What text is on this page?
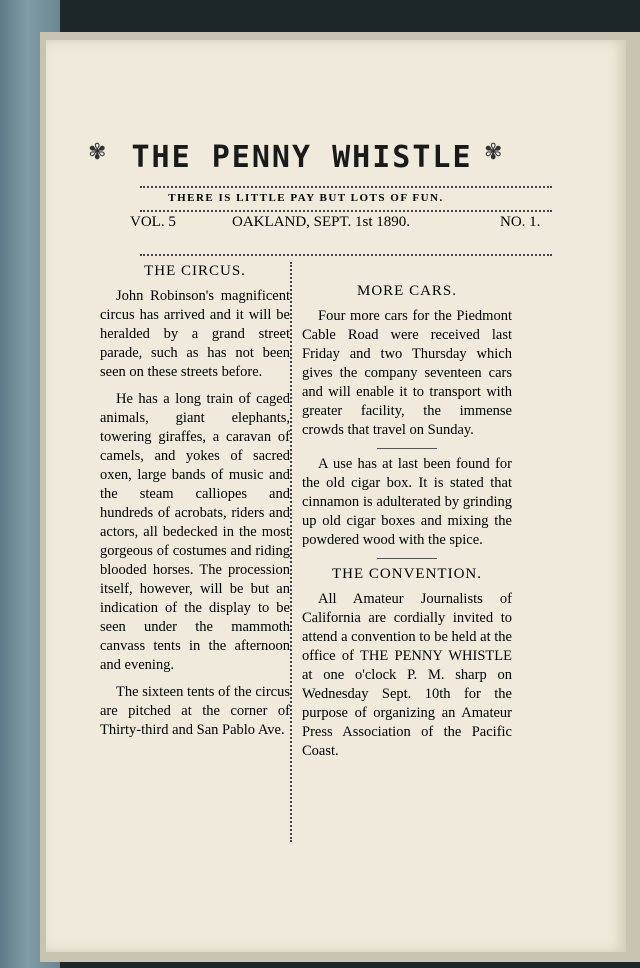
✾ THE PENNY WHISTLE ✾
THERE IS LITTLE PAY BUT LOTS OF FUN.
VOL. 5	OAKLAND, SEPT. 1st 1890.	NO. 1.
THE CIRCUS.

John Robinson's magnificent circus has arrived and it will be heralded by a grand street parade, such as has not been seen on these streets before.

He has a long train of caged animals, giant elephants, towering giraffes, a caravan of camels, and yokes of sacred oxen, large bands of music and the steam calliopes and hundreds of acrobats, riders and actors, all bedecked in the most gorgeous of costumes and riding blooded horses. The procession itself, however, will be but an indication of the display to be seen under the mammoth canvass tents in the afternoon and evening.

The sixteen tents of the circus are pitched at the corner of Thirty-third and San Pablo Ave.

MORE CARS.

Four more cars for the Piedmont Cable Road were received last Friday and two Thursday which gives the company seventeen cars and will enable it to transport with greater facility, the immense crowds that travel on Sunday.

A use has at last been found for the old cigar box. It is stated that cinnamon is adulterated by grinding up old cigar boxes and mixing the powdered wood with the spice.

THE CONVENTION.

All Amateur Journalists of California are cordially invited to attend a convention to be held at the office of THE PENNY WHISTLE at one o'clock P. M. sharp on Wednesday Sept. 10th for the purpose of organizing an Amateur Press Association of the Pacific Coast.
